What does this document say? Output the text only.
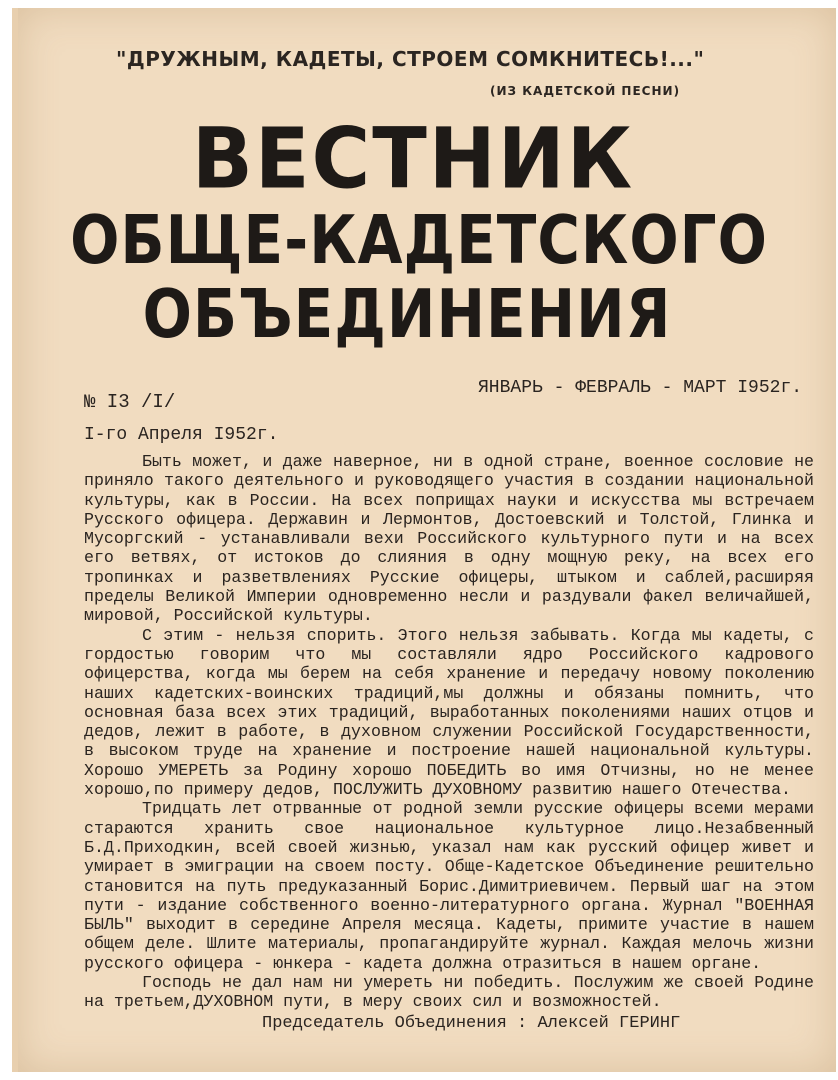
"ДРУЖНЫМ, КАДЕТЫ, СТРОЕМ СОМКНИТЕСЬ!..."
(ИЗ КАДЕТСКОЙ ПЕСНИ)
ВЕСТНИК
ОБЩЕ-КАДЕТСКОГО
ОБЪЕДИНЕНИЯ
№ I3 /I/
ЯНВАРЬ - ФЕВРАЛЬ - МАРТ I952г.
I-го Апреля I952г.

Быть может, и даже наверное, ни в одной стране, военное сословие не приняло такого деятельного и руководящего участия в создании национальной культуры, как в России. На всех поприщах науки и искусства мы встречаем Русского офицера. Державин и Лермонтов, Достоевский и Толстой, Глинка и Мусоргский - устанавливали вехи Российского культурного пути и на всех его ветвях, от истоков до слияния в одну мощную реку, на всех его тропинках и разветвлениях Русские офицеры, штыком и саблей,расширяя пределы Великой Империи одновременно несли и раздували факел величайшей, мировой, Российской культуры.

С этим - нельзя спорить. Этого нельзя забывать. Когда мы кадеты, с гордостью говорим что мы составляли ядро Российского кадрового офицерства, когда мы берем на себя хранение и передачу новому поколению наших кадетских-воинских традиций,мы должны и обязаны помнить, что основная база всех этих традиций, выработанных поколениями наших отцов и дедов, лежит в работе, в духовном служении Российской Государственности, в высоком труде на хранение и построение нашей национальной культуры. Хорошо УМЕРЕТЬ за Родину хорошо ПОБЕДИТЬ во имя Отчизны, но не менее хорошо,по примеру дедов, ПОСЛУЖИТЬ ДУХОВНОМУ развитию нашего Отечества.

Тридцать лет отрванные от родной земли русские офицеры всеми мерами стараются хранить свое национальное культурное лицо.Незабвенный Б.Д.Приходкин, всей своей жизнью, указал нам как русский офицер живет и умирает в эмиграции на своем посту. Обще-Кадетское Объединение решительно становится на путь предуказанный Борис.Димитриевичем. Первый шаг на этом пути - издание собственного военно-литературного органа. Журнал "ВОЕННАЯ БЫЛЬ" выходит в середине Апреля месяца. Кадеты, примите участие в нашем общем деле. Шлите материалы, пропагандируйте журнал. Каждая мелочь жизни русского офицера - юнкера - кадета должна отразиться в нашем органе.

Господь не дал нам ни умереть ни победить. Послужим же своей Родине на третьем,ДУХОВНОМ пути, в меру своих сил и возможностей.

Председатель Объединения : Алексей ГЕРИНГ
